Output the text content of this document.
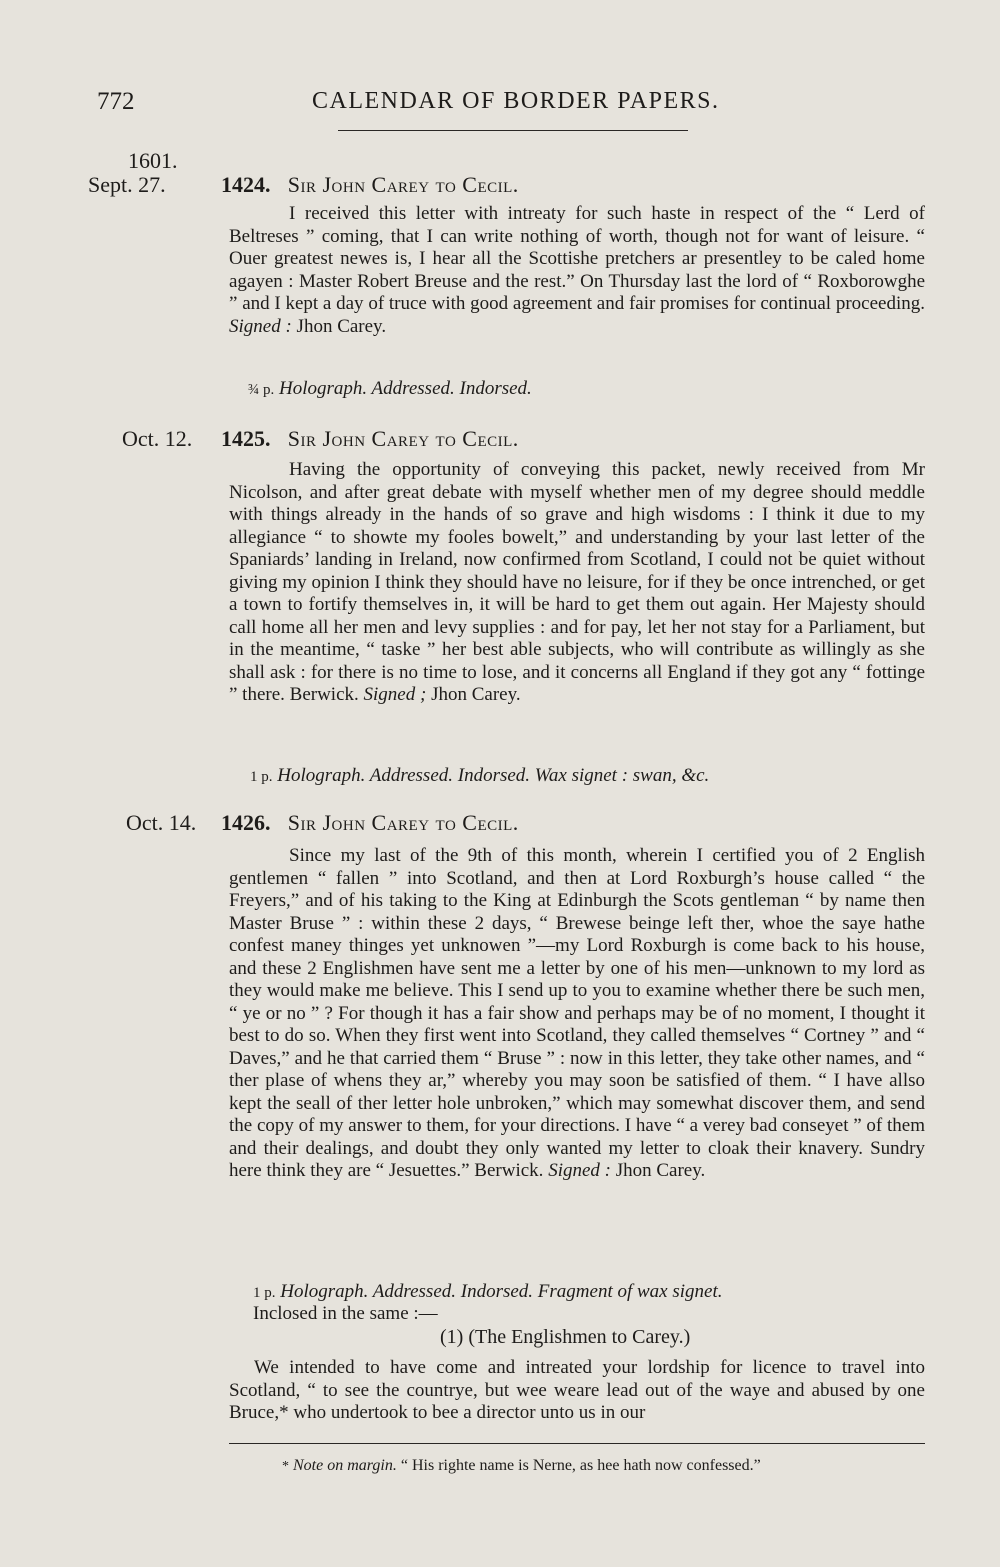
772	CALENDAR OF BORDER PAPERS.
1601.
Sept. 27.	1424. Sir John Carey to Cecil.

I received this letter with intreaty for such haste in respect of the “ Lerd of Beltreses ” coming, that I can write nothing of worth, though not for want of leisure. “ Ouer greatest newes is, I hear all the Scottishe pretchers ar presentley to be caled home agayen : Master Robert Breuse and the rest.” On Thursday last the lord of “ Roxborowghe ” and I kept a day of truce with good agreement and fair promises for continual proceeding. Signed : Jhon Carey.

¾ p. Holograph. Addressed. Indorsed.
Oct. 12. 1425. Sir John Carey to Cecil.

Having the opportunity of conveying this packet, newly received from Mr Nicolson, and after great debate with myself whether men of my degree should meddle with things already in the hands of so grave and high wisdoms : I think it due to my allegiance “ to showte my fooles bowelt,” and understanding by your last letter of the Spaniards’ landing in Ireland, now confirmed from Scotland, I could not be quiet without giving my opinion I think they should have no leisure, for if they be once intrenched, or get a town to fortify themselves in, it will be hard to get them out again. Her Majesty should call home all her men and levy supplies : and for pay, let her not stay for a Parliament, but in the meantime, “ taske ” her best able subjects, who will contribute as willingly as she shall ask : for there is no time to lose, and it concerns all England if they got any “ fottinge ” there. Berwick. Signed ; Jhon Carey.

1 p. Holograph. Addressed. Indorsed. Wax signet : swan, &c.
Oct. 14. 1426. Sir John Carey to Cecil.

Since my last of the 9th of this month, wherein I certified you of 2 English gentlemen “ fallen ” into Scotland, and then at Lord Roxburgh’s house called “ the Freyers,” and of his taking to the King at Edinburgh the Scots gentleman “ by name then Master Bruse ” : within these 2 days, “ Brewese beinge left ther, whoe the saye hathe confest maney thinges yet unknowen ”—my Lord Roxburgh is come back to his house, and these 2 Englishmen have sent me a letter by one of his men—unknown to my lord as they would make me believe. This I send up to you to examine whether there be such men, “ ye or no ” ? For though it has a fair show and perhaps may be of no moment, I thought it best to do so. When they first went into Scotland, they called themselves “ Cortney ” and “ Daves,” and he that carried them “ Bruse ” : now in this letter, they take other names, and “ ther plase of whens they ar,” whereby you may soon be satisfied of them. “ I have allso kept the seall of ther letter hole unbroken,” which may somewhat discover them, and send the copy of my answer to them, for your directions. I have “ a verey bad conseyet ” of them and their dealings, and doubt they only wanted my letter to cloak their knavery. Sundry here think they are “ Jesuettes.” Berwick. Signed : Jhon Carey.

1 p. Holograph. Addressed. Indorsed. Fragment of wax signet.
Inclosed in the same :—
(1) (The Englishmen to Carey.)

We intended to have come and intreated your lordship for licence to travel into Scotland, “ to see the countrye, but wee weare lead out of the waye and abused by one Bruce,* who undertook to bee a director unto us in our

* Note on margin. “ His righte name is Nerne, as hee hath now confessed.”
